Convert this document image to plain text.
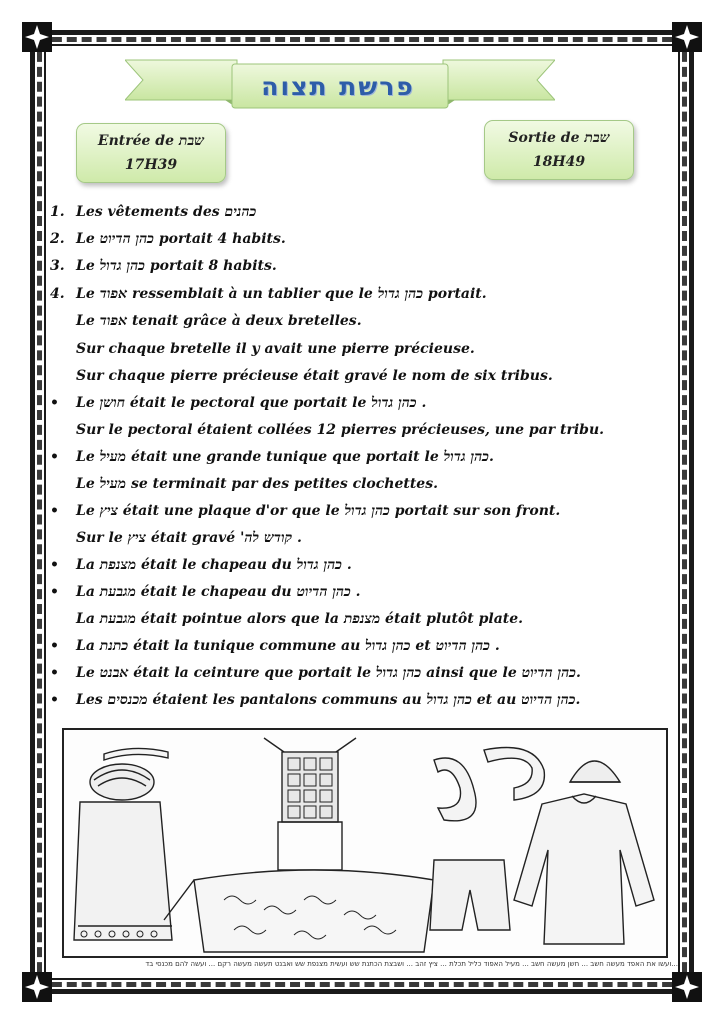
פרשת תצוה
Entrée de שבת
17H39
Sortie de שבת
18H49
1. Les vêtements des כהנים
2. Le כהן הדיוט portait 4 habits.
3. Le כהן גדול portait 8 habits.
4. Le אפוד ressemblait à un tablier que le כהן גדול portait.
Le אפוד tenait grâce à deux bretelles.
Sur chaque bretelle il y avait une pierre précieuse.
Sur chaque pierre précieuse était gravé le nom de six tribus.
•	Le חושן était le pectoral que portait le כהן גדול .
Sur le pectoral étaient collées 12 pierres précieuses, une par tribu.
•	Le מעיל était une grande tunique que portait le כהן גדול.
Le מעיל se terminait par des petites clochettes.
•	Le ציץ était une plaque d'or que le כהן גדול portait sur son front.
Sur le ציץ était gravé 'קודש לה .
•	La מצנפת était le chapeau du כהן גדול .
•	La מגבעת était le chapeau du כהן הדיוט .
La מגבעת était pointue alors que la מצנפת était plutôt plate.
•	La כתנת était la tunique commune au כהן גדול et כהן הדיוט .
•	Le אבנט était la ceinture que portait le כהן גדול ainsi que le כהן הדיוט.
•	Les מכנסים étaient les pantalons communs au כהן גדול et au כהן הדיוט.
...ועשו את האפד מעשה חשב ... חשן מעשה חשב ... מעיל האפוד כליל תכלת ... ציץ זהב ... ושבצת הכתנת שש ועשית מצנפת שש ואבנט תעשה מעשה רקם ... ועשה להם מכנסי בד
